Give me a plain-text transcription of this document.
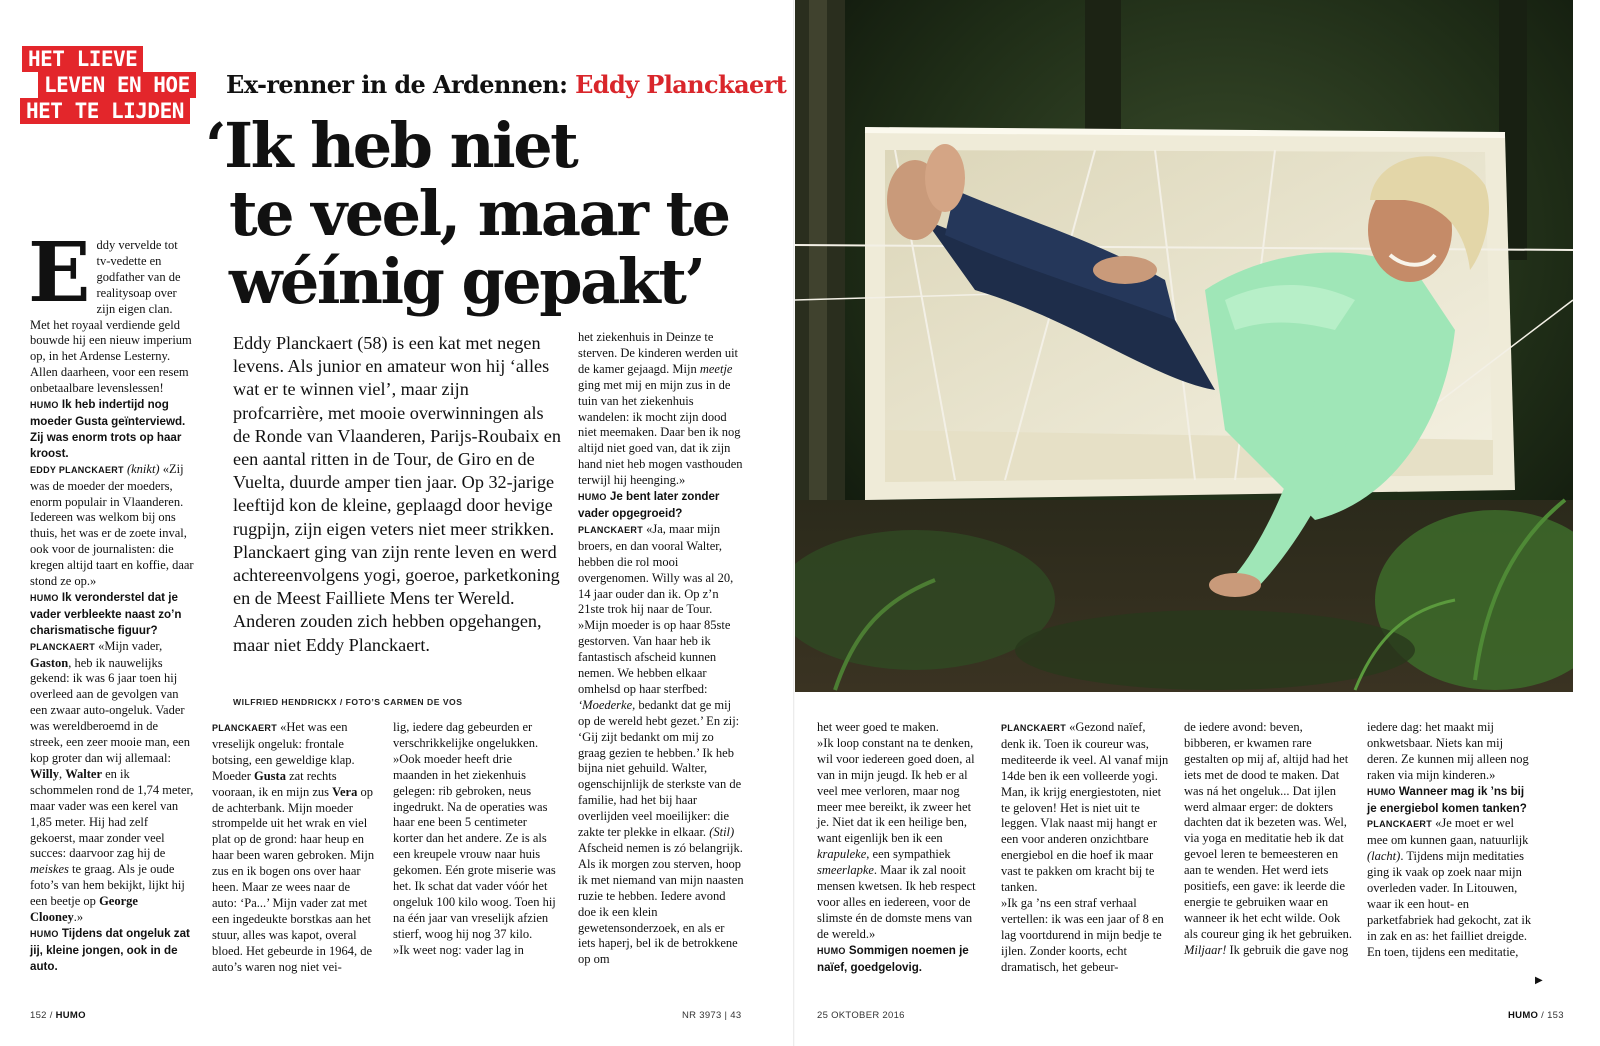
HET LIEVE
LEVEN EN HOE
HET TE LIJDEN
Ex-renner in de Ardennen: Eddy Planckaert
‘Ik heb niet
te veel, maar te
wéínig gepakt’

Eddy Planckaert (58) is een kat met negen levens. Als junior en amateur won hij ‘alles wat er te winnen viel’, maar zijn profcarrière, met mooie overwinningen als de Ronde van Vlaanderen, Parijs-Roubaix en een aantal ritten in de Tour, de Giro en de Vuelta, duurde amper tien jaar. Op 32-jarige leeftijd kon de kleine, geplaagd door hevige rugpijn, zijn eigen veters niet meer strikken. Planckaert ging van zijn rente leven en werd achtereenvolgens yogi, goeroe, parketkoning en de Meest Failliete Mens ter Wereld. Anderen zouden zich hebben opgehangen, maar niet Eddy Planckaert.

WILFRIED HENDRICKX / FOTO’S CARMEN DE VOS

Eddy vervelde tot tv-vedette en godfather van de realitysoap over zijn eigen clan. Met het royaal verdiende geld bouwde hij een nieuw imperium op, in het Ardense Lesterny. Allen daarheen, voor een resem onbetaalbare levenslessen!

HUMO Ik heb indertijd nog moeder Gusta geïnterviewd. Zij was enorm trots op haar kroost.

EDDY PLANCKAERT (knikt) «Zij was de moeder der moeders, enorm populair in Vlaanderen. Iedereen was welkom bij ons thuis, het was er de zoete inval, ook voor de journalisten: die kregen altijd taart en koffie, daar stond ze op.»

HUMO Ik veronderstel dat je vader verbleekte naast zo’n charismatische figuur?

PLANCKAERT «Mijn vader, Gaston, heb ik nauwelijks gekend: ik was 6 jaar toen hij overleed aan de gevolgen van een zwaar auto-ongeluk. Vader was wereldberoemd in de streek, een zeer mooie man, een kop groter dan wij allemaal: Willy, Walter en ik schommelen rond de 1,74 meter, maar vader was een kerel van 1,85 meter. Hij had zelf gekoerst, maar zonder veel succes: daarvoor zag hij de meiskes te graag. Als je oude foto’s van hem bekijkt, lijkt hij een beetje op George Clooney.»

HUMO Tijdens dat ongeluk zat jij, kleine jongen, ook in de auto.

PLANCKAERT «Het was een vreselijk ongeluk: frontale botsing, een geweldige klap. Moeder Gusta zat rechts vooraan, ik en mijn zus Vera op de achterbank. Mijn moeder strompelde uit het wrak en viel plat op de grond: haar heup en haar been waren gebroken. Mijn zus en ik bogen ons over haar heen. Maar ze wees naar de auto: ‘Pa...’ Mijn vader zat met een ingedeukte borstkas aan het stuur, alles was kapot, overal bloed. Het gebeurde in 1964, de auto’s waren nog niet vei-

lig, iedere dag gebeurden er verschrikkelijke ongelukken.

»Ook moeder heeft drie maanden in het ziekenhuis gelegen: rib gebroken, neus ingedrukt. Na de operaties was haar ene been 5 centimeter korter dan het andere. Ze is als een kreupele vrouw naar huis gekomen. Eén grote miserie was het. Ik schat dat vader vóór het ongeluk 100 kilo woog. Toen hij na één jaar van vreselijk afzien stierf, woog hij nog 37 kilo.

»Ik weet nog: vader lag in

het ziekenhuis in Deinze te sterven. De kinderen werden uit de kamer gejaagd. Mijn meetje ging met mij en mijn zus in de tuin van het ziekenhuis wandelen: ik mocht zijn dood niet meemaken. Daar ben ik nog altijd niet goed van, dat ik zijn hand niet heb mogen vasthouden terwijl hij heenging.»

HUMO Je bent later zonder vader opgegroeid?

PLANCKAERT «Ja, maar mijn broers, en dan vooral Walter, hebben die rol mooi overgenomen. Willy was al 20, 14 jaar ouder dan ik. Op z’n 21ste trok hij naar de Tour.

»Mijn moeder is op haar 85ste gestorven. Van haar heb ik fantastisch afscheid kunnen nemen. We hebben elkaar omhelsd op haar sterfbed: ‘Moederke, bedankt dat ge mij op de wereld hebt gezet.’ En zij: ‘Gij zijt bedankt om mij zo graag gezien te hebben.’ Ik heb bijna niet gehuild. Walter, ogenschijnlijk de sterkste van de familie, had het bij haar overlijden veel moeilijker: die zakte ter plekke in elkaar. (Stil) Afscheid nemen is zó belangrijk. Als ik morgen zou sterven, hoop ik met niemand van mijn naasten ruzie te hebben. Iedere avond doe ik een klein gewetensonderzoek, en als er iets haperj, bel ik de betrokkene op om

152 / HUMO	NR 3973 | 43

het weer goed te maken.

»Ik loop constant na te denken, wil voor iedereen goed doen, al van in mijn jeugd. Ik heb er al veel mee verloren, maar nog meer mee bereikt, ik zweer het je. Niet dat ik een heilige ben, want eigenlijk ben ik een krapuleke, een sympathiek smeerlapke. Maar ik zal nooit mensen kwetsen. Ik heb respect voor alles en iedereen, voor de slimste én de domste mens van de wereld.»

HUMO Sommigen noemen je naïef, goedgelovig.

PLANCKAERT «Gezond naïef, denk ik. Toen ik coureur was, mediteerde ik veel. Al vanaf mijn 14de ben ik een volleerde yogi. Man, ik krijg energiestoten, niet te geloven! Het is niet uit te leggen. Vlak naast mij hangt er een voor anderen onzichtbare energiebol en die hoef ik maar vast te pakken om kracht bij te tanken.

»Ik ga ’ns een straf verhaal vertellen: ik was een jaar of 8 en lag voortdurend in mijn bedje te ijlen. Zonder koorts, echt dramatisch, het gebeur-

de iedere avond: beven, bibberen, er kwamen rare gestalten op mij af, altijd had het iets met de dood te maken. Dat was ná het ongeluk... Dat ijlen werd almaar erger: de dokters dachten dat ik bezeten was. Wel, via yoga en meditatie heb ik dat gevoel leren te bemeesteren en aan te wenden. Het werd iets positiefs, een gave: ik leerde die energie te gebruiken waar en wanneer ik het echt wilde. Ook als coureur ging ik het gebruiken. Miljaar! Ik gebruik die gave nog

iedere dag: het maakt mij onkwetsbaar. Niets kan mij deren. Ze kunnen mij alleen nog raken via mijn kinderen.»

HUMO Wanneer mag ik ’ns bij je energiebol komen tanken?

PLANCKAERT «Je moet er wel mee om kunnen gaan, natuurlijk (lacht). Tijdens mijn meditaties ging ik vaak op zoek naar mijn overleden vader. In Litouwen, waar ik een hout- en parketfabriek had gekocht, zat ik in zak en as: het failliet dreigde. En toen, tijdens een meditatie,

▶
25 OKTOBER 2016	HUMO / 153
